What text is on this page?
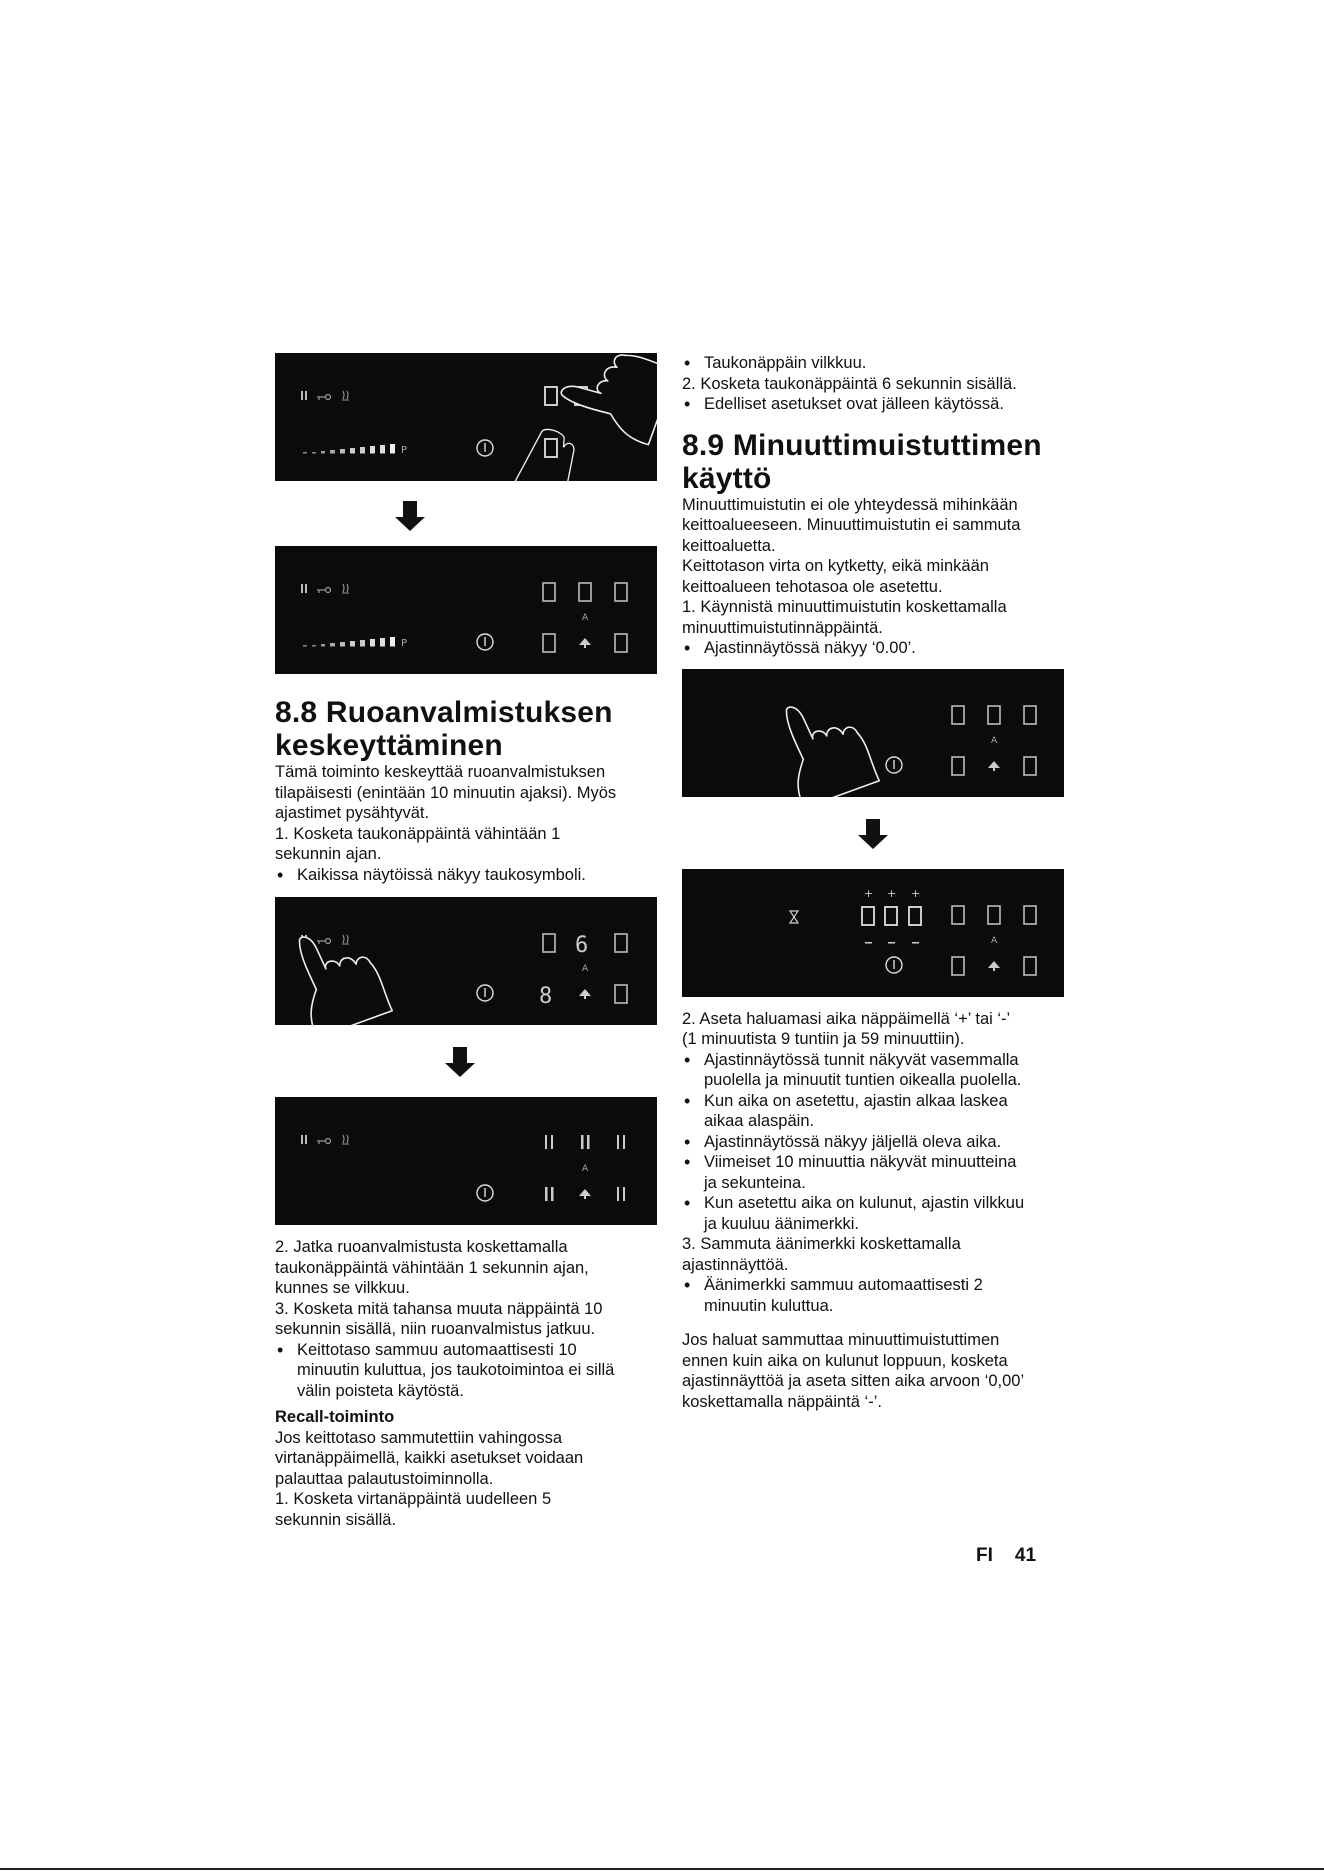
A
8.8 Ruoanvalmistuksen
keskeyttäminen

Tämä toiminto keskeyttää ruoanvalmistuksen
tilapäisesti (enintään 10 minuutin ajaksi). Myös
ajastimet pysähtyvät.

1. Kosketa taukonäppäintä vähintään 1
sekunnin ajan.

• Kaikissa näytöissä näkyy taukosymboli.

6
8
A
A

2. Jatka ruoanvalmistusta koskettamalla
taukonäppäintä vähintään 1 sekunnin ajan,
kunnes se vilkkuu.

3. Kosketa mitä tahansa muuta näppäintä 10
sekunnin sisällä, niin ruoanvalmistus jatkuu.

• Keittotaso sammuu automaattisesti 10
minuutin kuluttua, jos taukotoimintoa ei sillä
välin poisteta käytöstä.

Recall-toiminto

Jos keittotaso sammutettiin vahingossa
virtanäppäimellä, kaikki asetukset voidaan
palauttaa palautustoiminnolla.

1. Kosketa virtanäppäintä uudelleen 5
sekunnin sisällä.

• Taukonäppäin vilkkuu.

2. Kosketa taukonäppäintä 6 sekunnin sisällä.

• Edelliset asetukset ovat jälleen käytössä.

8.9 Minuuttimuistuttimen
käyttö

Minuuttimuistutin ei ole yhteydessä mihinkään
keittoalueeseen. Minuuttimuistutin ei sammuta
keittoaluetta.

Keittotason virta on kytketty, eikä minkään
keittoalueen tehotasoa ole asetettu.

1. Käynnistä minuuttimuistutin koskettamalla
minuuttimuistutinnäppäintä.

• Ajastinnäytössä näkyy ‘0.00’.

A
+ + +
A

2. Aseta haluamasi aika näppäimellä ‘+’ tai ‘-’
(1 minuutista 9 tuntiin ja 59 minuuttiin).

• Ajastinnäytössä tunnit näkyvät vasemmalla
puolella ja minuutit tuntien oikealla puolella.

• Kun aika on asetettu, ajastin alkaa laskea
aikaa alaspäin.

• Ajastinnäytössä näkyy jäljellä oleva aika.

• Viimeiset 10 minuuttia näkyvät minuutteina
ja sekunteina.

• Kun asetettu aika on kulunut, ajastin vilkkuu
ja kuuluu äänimerkki.

3. Sammuta äänimerkki koskettamalla
ajastinnäyttöä.

• Äänimerkki sammuu automaattisesti 2
minuutin kuluttua.

Jos haluat sammuttaa minuuttimuistuttimen
ennen kuin aika on kulunut loppuun, kosketa
ajastinnäyttöä ja aseta sitten aika arvoon ‘0,00’
koskettamalla näppäintä ‘-’.

FI 41
